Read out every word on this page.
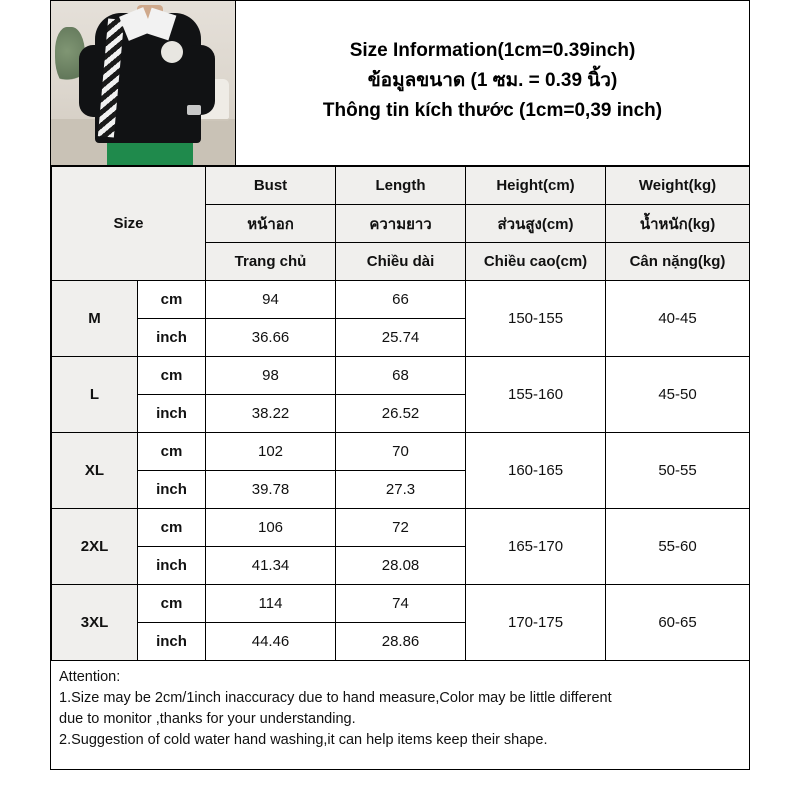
Size Information(1cm=0.39inch)
ข้อมูลขนาด (1 ซม. = 0.39 นิ้ว)
Thông tin kích thước (1cm=0,39 inch)
Size		Bust	Length	Height(cm)	Weight(kg)
		หน้าอก	ความยาว	ส่วนสูง(cm)	น้ำหนัก(kg)
		Trang chủ	Chiều dài	Chiều cao(cm)	Cân nặng(kg)
M	cm	94	66	150-155	40-45
	inch	36.66	25.74		
L	cm	98	68	155-160	45-50
	inch	38.22	26.52		
XL	cm	102	70	160-165	50-55
	inch	39.78	27.3		
2XL	cm	106	72	165-170	55-60
	inch	41.34	28.08		
3XL	cm	114	74	170-175	60-65
	inch	44.46	28.86		
Attention:
1.Size may be 2cm/1inch inaccuracy due to hand measure,Color may be little different
due to monitor ,thanks for your understanding.
2.Suggestion of cold water hand washing,it can help items keep their shape.
